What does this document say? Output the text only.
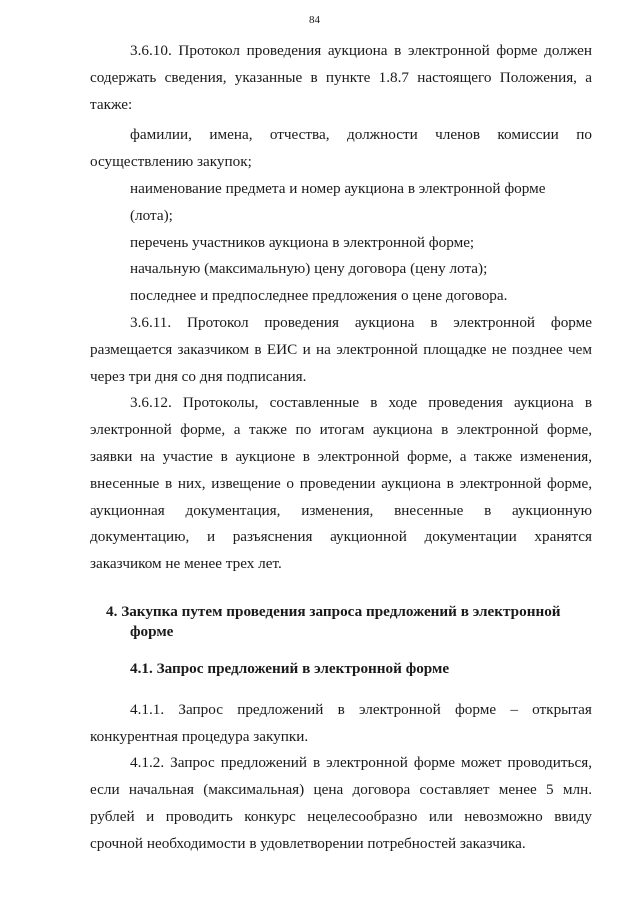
84

3.6.10. Протокол проведения аукциона в электронной форме должен содержать сведения, указанные в пункте 1.8.7 настоящего Положения, а также:

фамилии, имена, отчества, должности членов комиссии по

осуществлению закупок;

наименование предмета и номер аукциона в электронной форме (лота);

перечень участников аукциона в электронной форме;

начальную (максимальную) цену договора (цену лота);

последнее и предпоследнее предложения о цене договора.

3.6.11. Протокол проведения аукциона в электронной форме размещается заказчиком в ЕИС и на электронной площадке не позднее чем через три дня со дня подписания.

3.6.12. Протоколы, составленные в ходе проведения аукциона в электронной форме, а также по итогам аукциона в электронной форме, заявки на участие в аукционе в электронной форме, а также изменения, внесенные в них, извещение о проведении аукциона в электронной форме, аукционная документация, изменения, внесенные в аукционную документацию, и разъяснения аукционной документации хранятся заказчиком не менее трех лет.

4. Закупка путем проведения запроса предложений в электронной форме

4.1. Запрос предложений в электронной форме

4.1.1. Запрос предложений в электронной форме – открытая

конкурентная процедура закупки.

4.1.2. Запрос предложений в электронной форме может проводиться, если начальная (максимальная) цена договора составляет менее 5 млн. рублей и проводить конкурс нецелесообразно или невозможно ввиду срочной необходимости в удовлетворении потребностей заказчика.
